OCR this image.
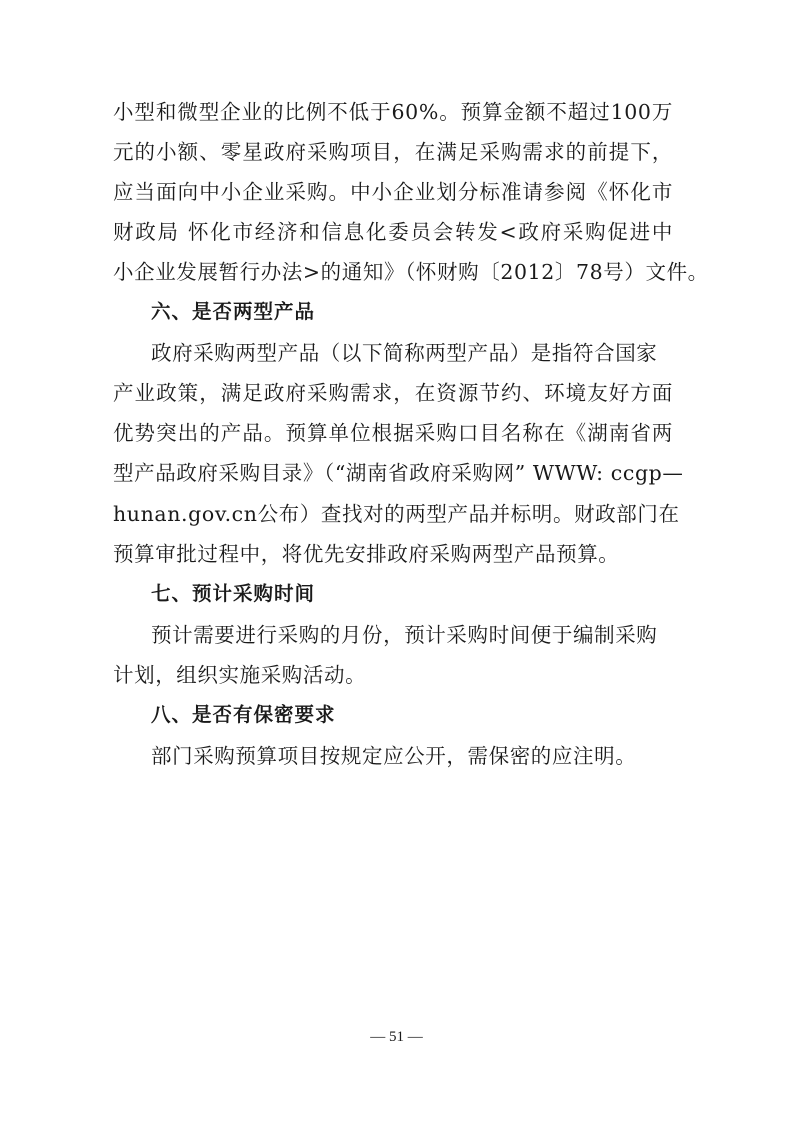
小型和微型企业的比例不低于60%。预算金额不超过100万
元的小额、零星政府采购项目，在满足采购需求的前提下，
应当面向中小企业采购。中小企业划分标准请参阅《怀化市
财政局 怀化市经济和信息化委员会转发<政府采购促进中
小企业发展暂行办法>的通知》（怀财购〔2012〕78号）文件。
六、是否两型产品
政府采购两型产品（以下简称两型产品）是指符合国家
产业政策，满足政府采购需求，在资源节约、环境友好方面
优势突出的产品。预算单位根据采购口目名称在《湖南省两
型产品政府采购目录》（“湖南省政府采购网” WWW: ccgp—
hunan.gov.cn公布）查找对的两型产品并标明。财政部门在
预算审批过程中，将优先安排政府采购两型产品预算。
七、预计采购时间
预计需要进行采购的月份，预计采购时间便于编制采购
计划，组织实施采购活动。
八、是否有保密要求
部门采购预算项目按规定应公开，需保密的应注明。
— 51 —
